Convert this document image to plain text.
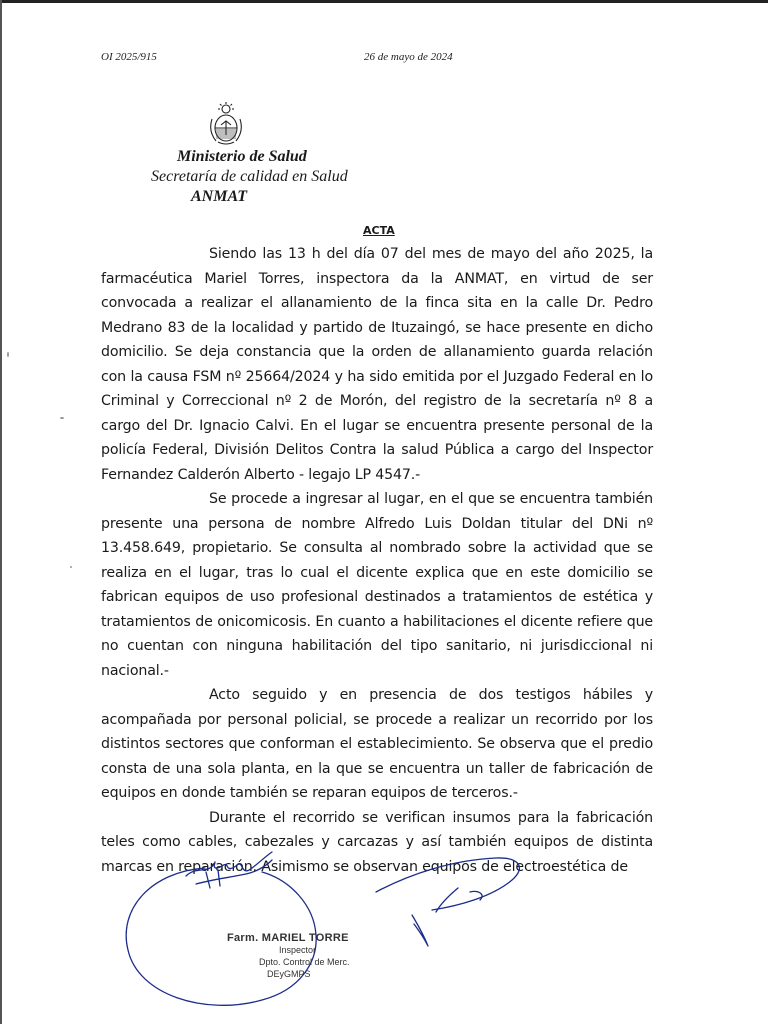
OI 2025/915	26 de mayo de 2024
Ministerio de Salud
Secretaría de calidad en Salud
ANMAT
ACTA

Siendo las 13 h del día 07 del mes de mayo del año 2025, la farmacéutica Mariel Torres, inspectora da la ANMAT, en virtud de ser convocada a realizar el allanamiento de la finca sita en la calle Dr. Pedro Medrano 83 de la localidad y partido de Ituzaingó, se hace presente en dicho domicilio. Se deja constancia que la orden de allanamiento guarda relación con la causa FSM nº 25664/2024 y ha sido emitida por el Juzgado Federal en lo Criminal y Correccional nº 2 de Morón, del registro de la secretaría nº 8 a cargo del Dr. Ignacio Calvi. En el lugar se encuentra presente personal de la policía Federal, División Delitos Contra la salud Pública a cargo del Inspector Fernandez Calderón Alberto - legajo LP 4547.-

Se procede a ingresar al lugar, en el que se encuentra también presente una persona de nombre Alfredo Luis Doldan titular del DNi nº 13.458.649, propietario. Se consulta al nombrado sobre la actividad que se realiza en el lugar, tras lo cual el dicente explica que en este domicilio se fabrican equipos de uso profesional destinados a tratamientos de estética y tratamientos de onicomicosis. En cuanto a habilitaciones el dicente refiere que no cuentan con ninguna habilitación del tipo sanitario, ni jurisdiccional ni nacional.-

Acto seguido y en presencia de dos testigos hábiles y acompañada por personal policial, se procede a realizar un recorrido por los distintos sectores que conforman el establecimiento. Se observa que el predio consta de una sola planta, en la que se encuentra un taller de fabricación de equipos en donde también se reparan equipos de terceros.-

Durante el recorrido se verifican insumos para la fabricación teles como cables, cabezales y carcazas y así también equipos de distinta marcas en reparación. Asimismo se observan equipos de electroestética de

Farm. MARIEL TORRE
Inspector
Dpto. Control de Merc.
DEyGMPS
